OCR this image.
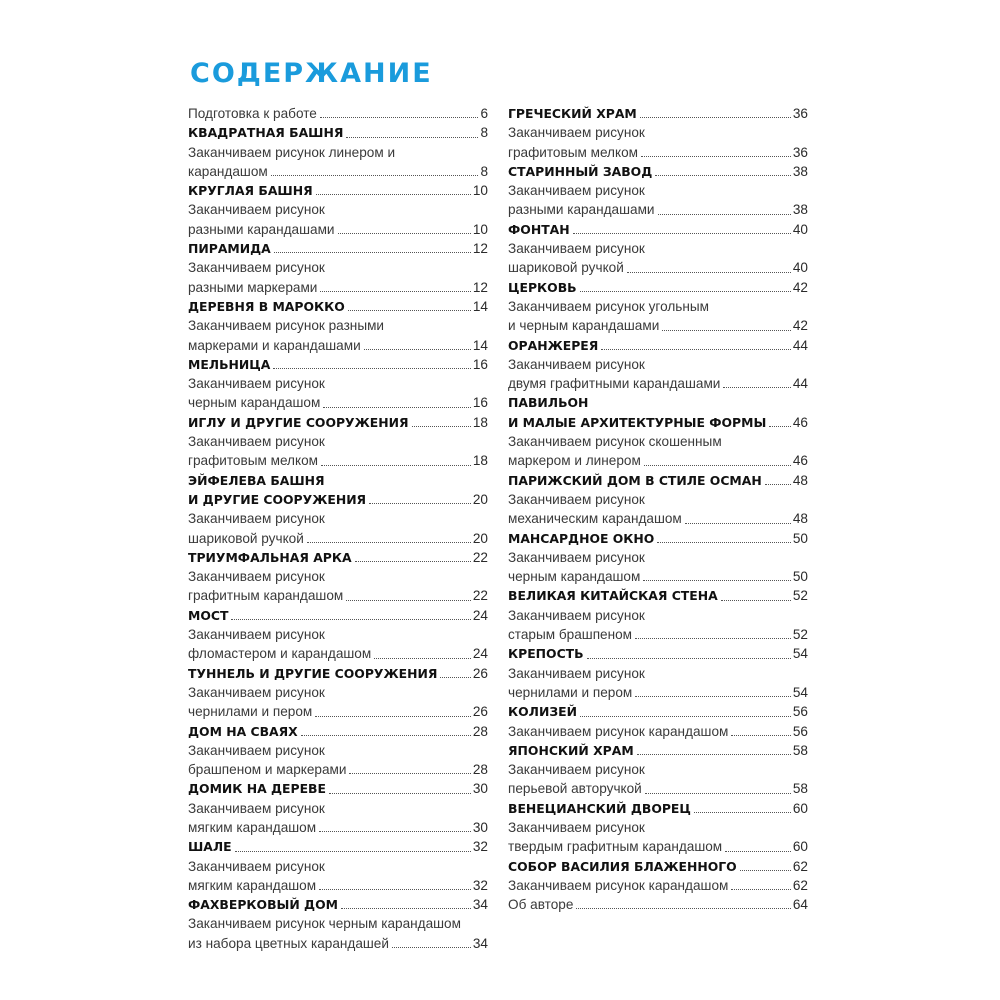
СОДЕРЖАНИЕ
Подготовка к работе	6
КВАДРАТНАЯ БАШНЯ	8
Заканчиваем рисунок линером и
карандашом	8
КРУГЛАЯ БАШНЯ	10
Заканчиваем рисунок
разными карандашами	10
ПИРАМИДА	12
Заканчиваем рисунок
разными маркерами	12
ДЕРЕВНЯ В МАРОККО	14
Заканчиваем рисунок разными
маркерами и карандашами	14
МЕЛЬНИЦА	16
Заканчиваем рисунок
черным карандашом	16
ИГЛУ И ДРУГИЕ СООРУЖЕНИЯ	18
Заканчиваем рисунок
графитовым мелком	18
ЭЙФЕЛЕВА БАШНЯ
И ДРУГИЕ СООРУЖЕНИЯ	20
Заканчиваем рисунок
шариковой ручкой	20
ТРИУМФАЛЬНАЯ АРКА	22
Заканчиваем рисунок
графитным карандашом	22
МОСТ	24
Заканчиваем рисунок
фломастером и карандашом	24
ТУННЕЛЬ И ДРУГИЕ СООРУЖЕНИЯ	26
Заканчиваем рисунок
чернилами и пером	26
ДОМ НА СВАЯХ	28
Заканчиваем рисунок
брашпеном и маркерами	28
ДОМИК НА ДЕРЕВЕ	30
Заканчиваем рисунок
мягким карандашом	30
ШАЛЕ	32
Заканчиваем рисунок
мягким карандашом	32
ФАХВЕРКОВЫЙ ДОМ	34
Заканчиваем рисунок черным карандашом
из набора цветных карандашей	34
ГРЕЧЕСКИЙ ХРАМ	36
Заканчиваем рисунок
графитовым мелком	36
СТАРИННЫЙ ЗАВОД	38
Заканчиваем рисунок
разными карандашами	38
ФОНТАН	40
Заканчиваем рисунок
шариковой ручкой	40
ЦЕРКОВЬ	42
Заканчиваем рисунок угольным
и черным карандашами	42
ОРАНЖЕРЕЯ	44
Заканчиваем рисунок
двумя графитными карандашами	44
ПАВИЛЬОН
И МАЛЫЕ АРХИТЕКТУРНЫЕ ФОРМЫ 46
Заканчиваем рисунок скошенным
маркером и линером	46
ПАРИЖСКИЙ ДОМ В СТИЛЕ ОСМАН 48
Заканчиваем рисунок
механическим карандашом	48
МАНСАРДНОЕ ОКНО	50
Заканчиваем рисунок
черным карандашом	50
ВЕЛИКАЯ КИТАЙСКАЯ СТЕНА	52
Заканчиваем рисунок
старым брашпеном	52
КРЕПОСТЬ	54
Заканчиваем рисунок
чернилами и пером	54
КОЛИЗЕЙ	56
Заканчиваем рисунок карандашом	56
ЯПОНСКИЙ ХРАМ	58
Заканчиваем рисунок
перьевой авторучкой	58
ВЕНЕЦИАНСКИЙ ДВОРЕЦ	60
Заканчиваем рисунок
твердым графитным карандашом	60
СОБОР ВАСИЛИЯ БЛАЖЕННОГО	62
Заканчиваем рисунок карандашом	62
Об авторе	64
